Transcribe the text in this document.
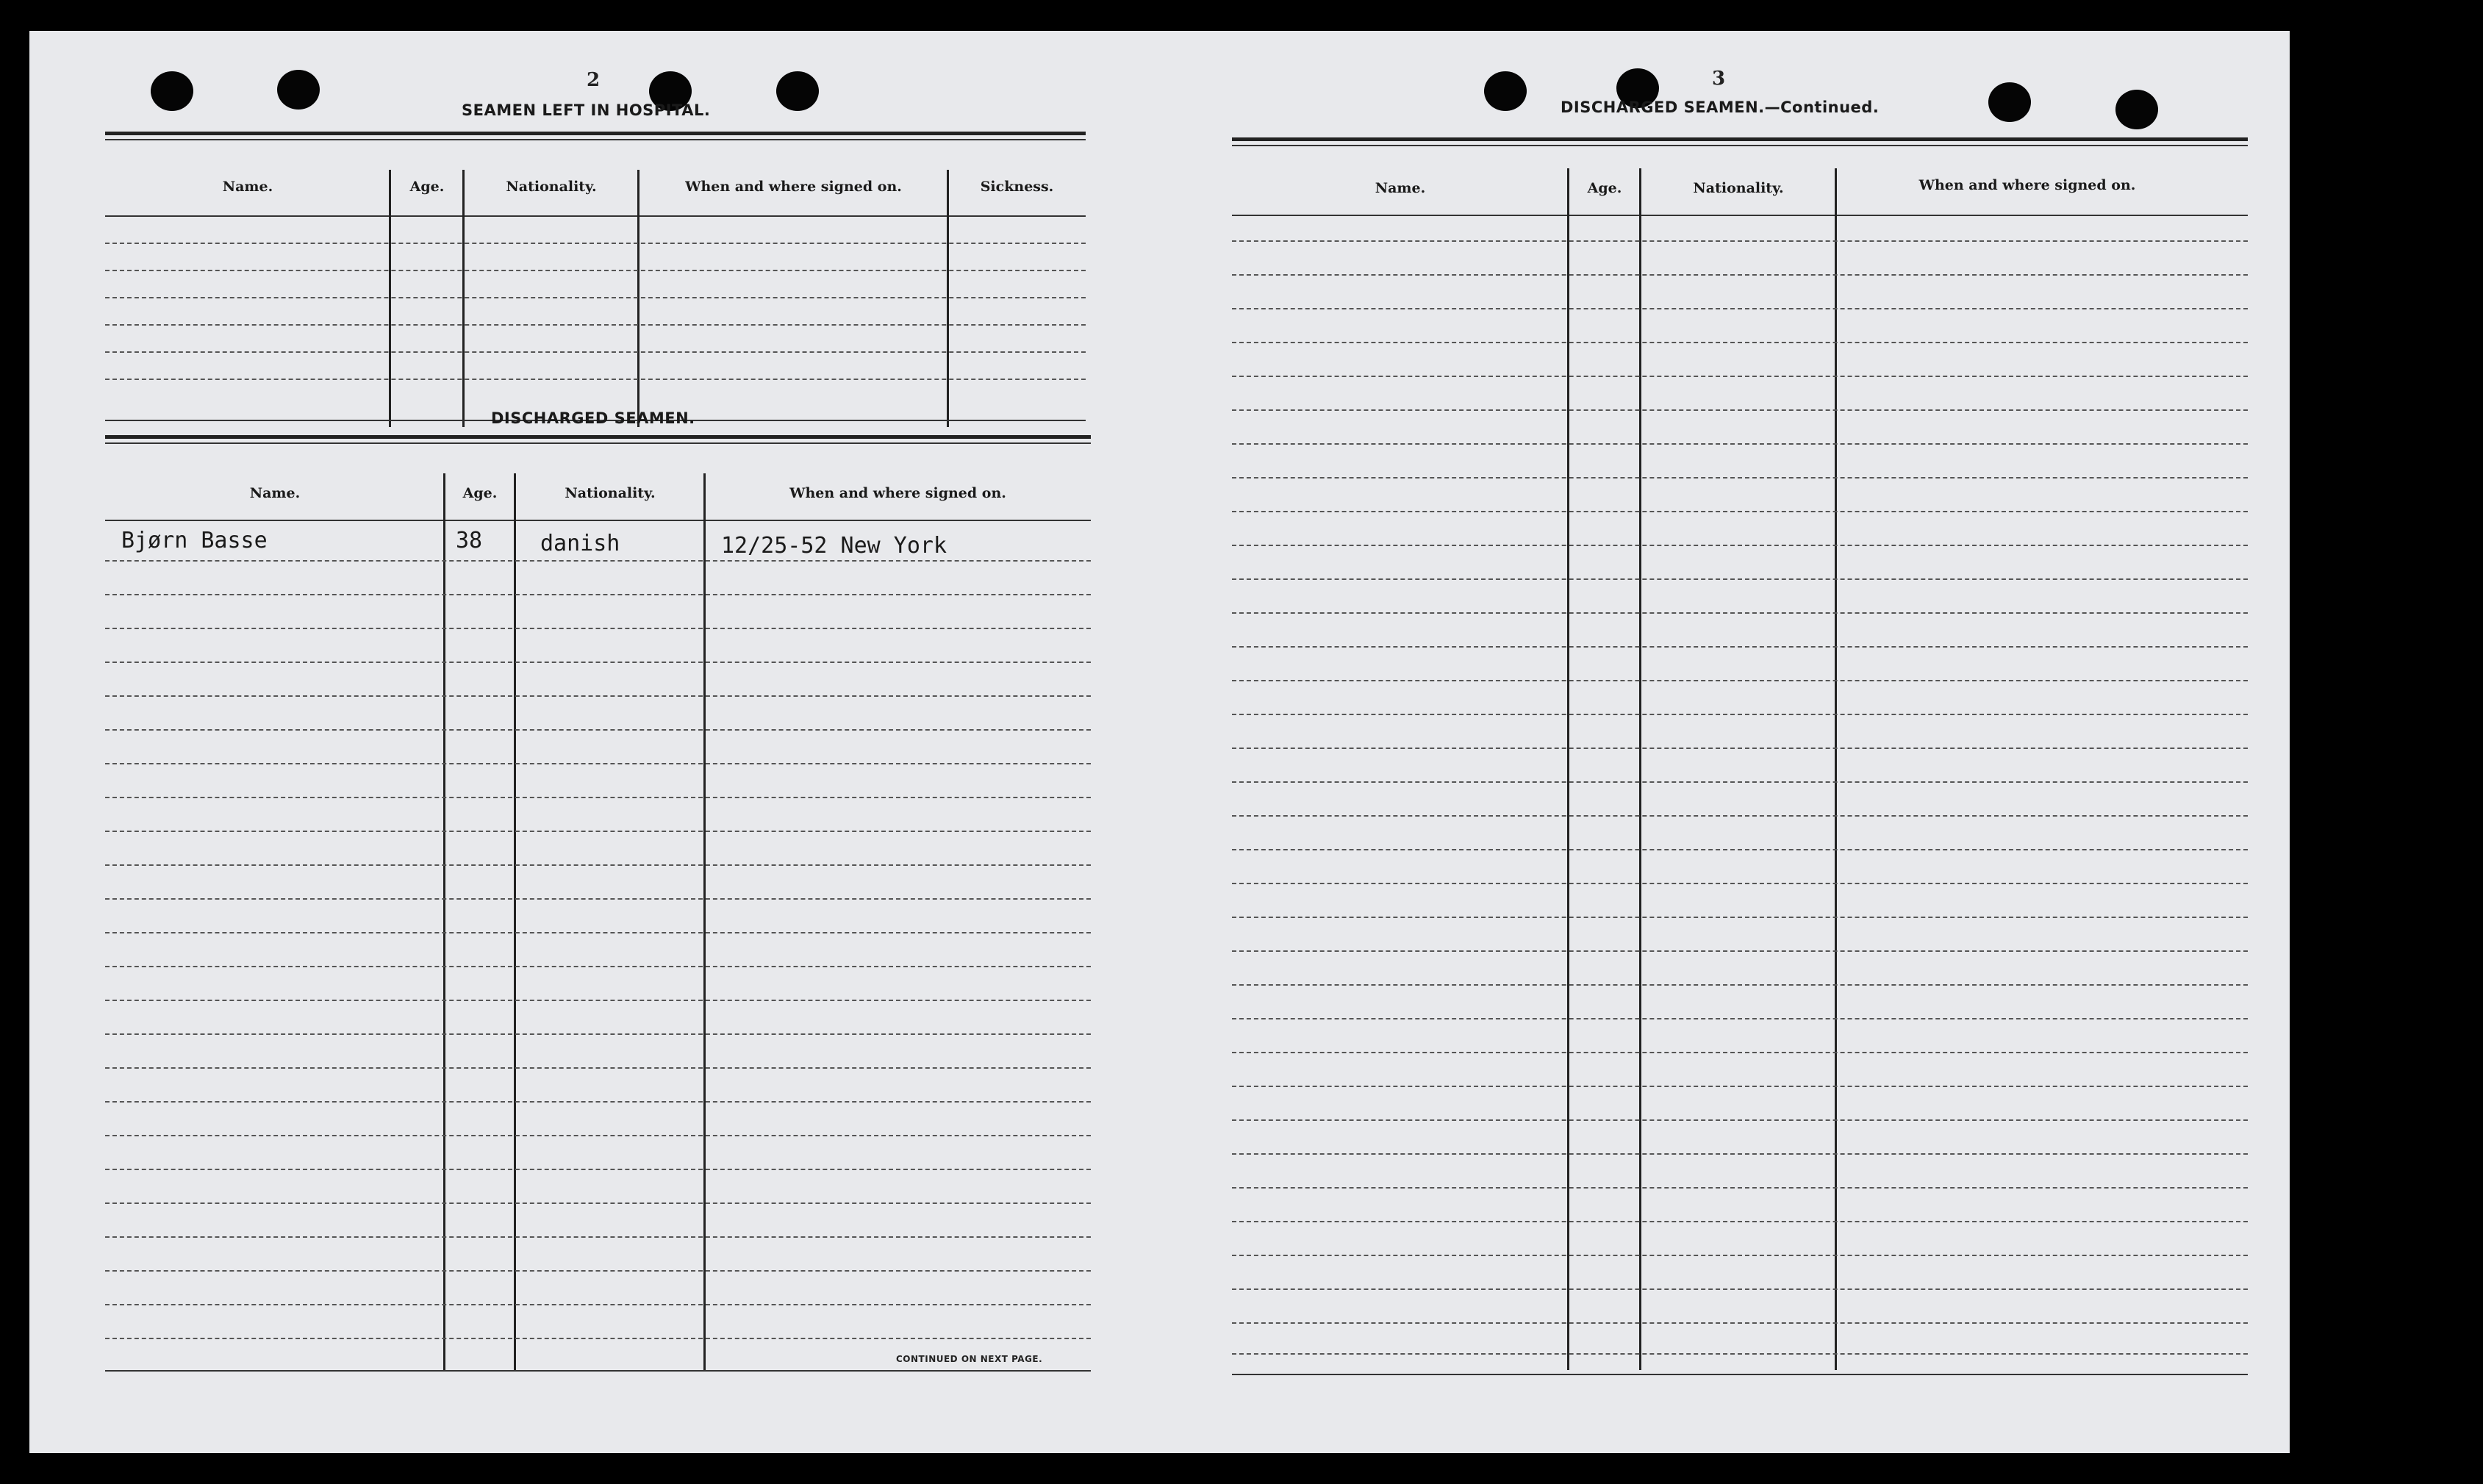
2
SEAMEN LEFT IN HOSPITAL.
Name.	Age.	Nationality.	When and where signed on.	Sickness.
DISCHARGED SEAMEN.
Name.	Age.	Nationality.	When and where signed on.
Bjørn Basse	38	danish	12/25-52 New York
CONTINUED ON NEXT PAGE.
3
DISCHARGED SEAMEN.—Continued.
Name.	Age.	Nationality.	When and where signed on.
